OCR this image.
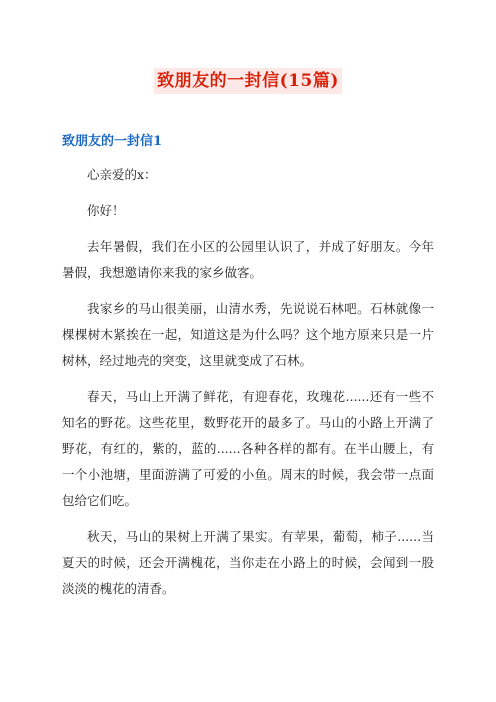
致朋友的一封信(15篇)
致朋友的一封信1

心亲爱的x：

你好！

去年暑假，我们在小区的公园里认识了，并成了好朋友。今年暑假，我想邀请你来我的家乡做客。

我家乡的马山很美丽，山清水秀，先说说石林吧。石林就像一棵棵树木紧挨在一起，知道这是为什么吗？这个地方原来只是一片树林，经过地壳的突变，这里就变成了石林。

春天，马山上开满了鲜花，有迎春花，玫瑰花......还有一些不知名的野花。这些花里，数野花开的最多了。马山的小路上开满了野花，有红的，紫的，蓝的......各种各样的都有。在半山腰上，有一个小池塘，里面游满了可爱的小鱼。周末的时候，我会带一点面包给它们吃。

秋天，马山的果树上开满了果实。有苹果，葡萄，柿子......当夏天的时候，还会开满槐花，当你走在小路上的时候，会闻到一股淡淡的槐花的清香。
